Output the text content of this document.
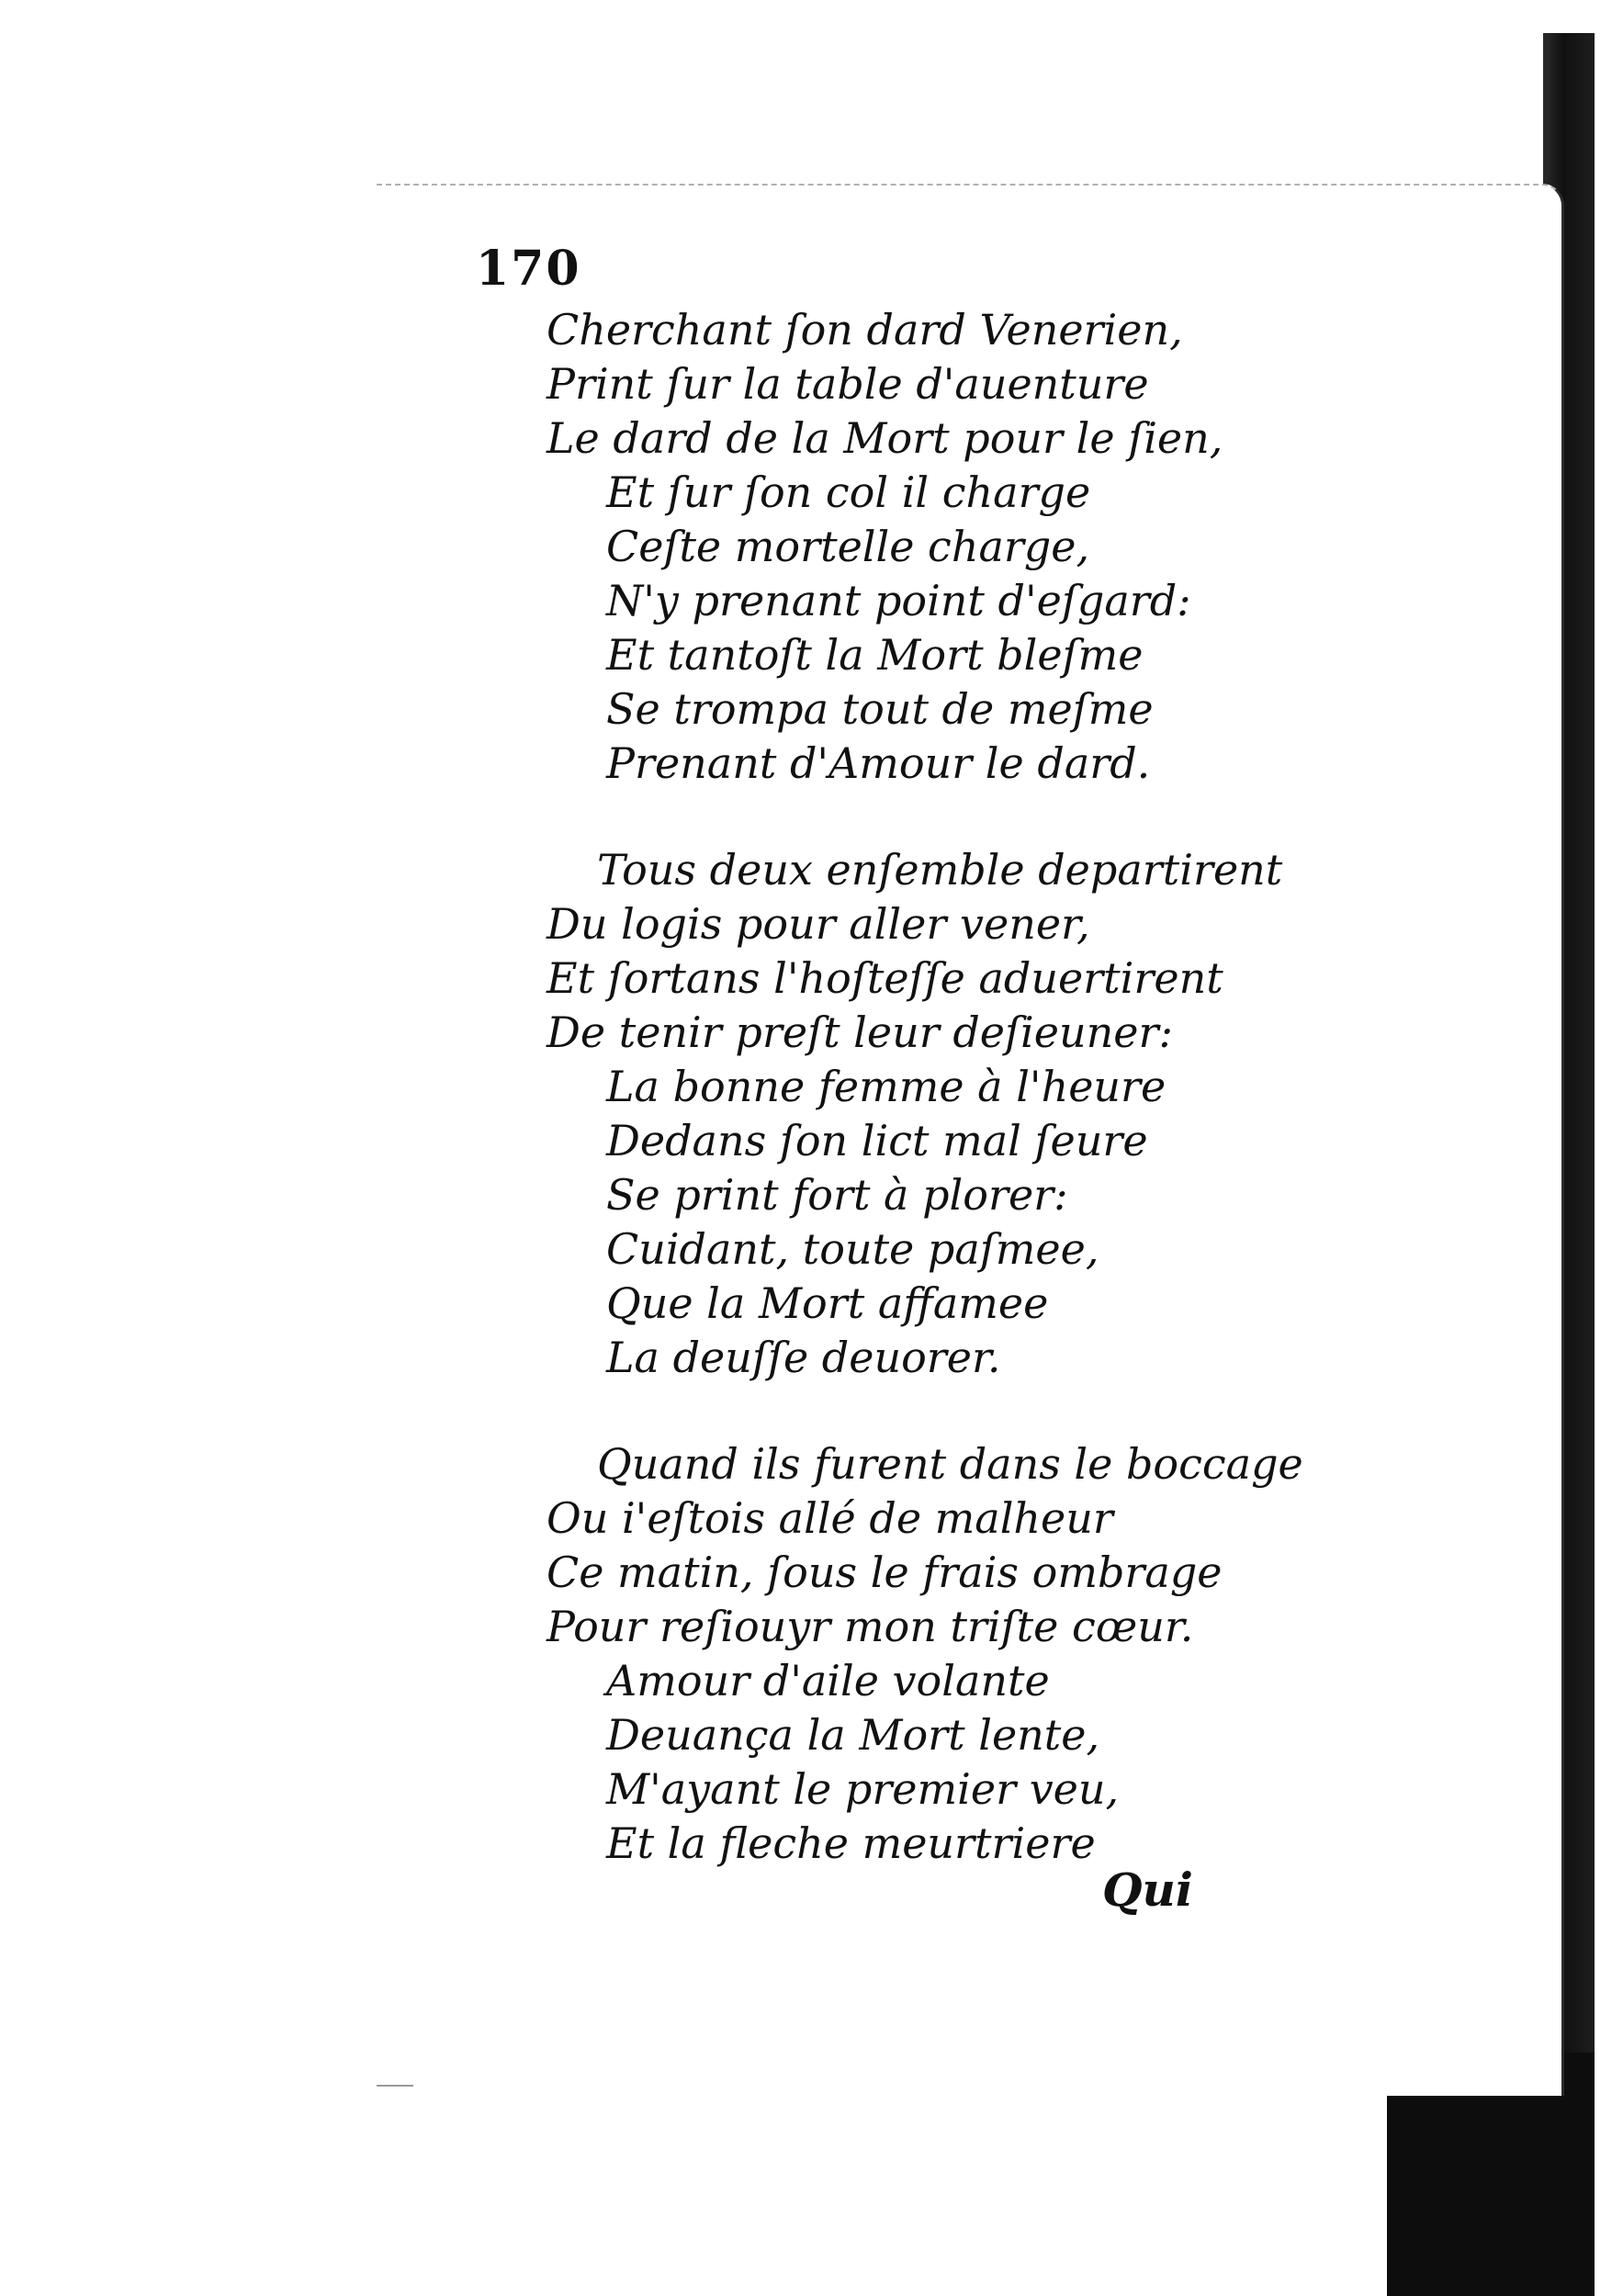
170
Cherchant ſon dard Venerien,
Print ſur la table d'auenture
Le dard de la Mort pour le ſien,
Et ſur ſon col il charge
Ceſte mortelle charge,
N'y prenant point d'eſgard:
Et tantoſt la Mort bleſme
Se trompa tout de meſme
Prenant d'Amour le dard.
Tous deux enſemble departirent
Du logis pour aller vener,
Et ſortans l'hoſteſſe aduertirent
De tenir preſt leur deſieuner:
La bonne femme à l'heure
Dedans ſon lict mal ſeure
Se print fort à plorer:
Cuidant, toute paſmee,
Que la Mort affamee
La deuſſe deuorer.
Quand ils furent dans le boccage
Ou i'eſtois allé de malheur
Ce matin, ſous le frais ombrage
Pour reſiouyr mon triſte cœur.
Amour d'aile volante
Deuança la Mort lente,
M'ayant le premier veu,
Et la fleche meurtriere
Qui
